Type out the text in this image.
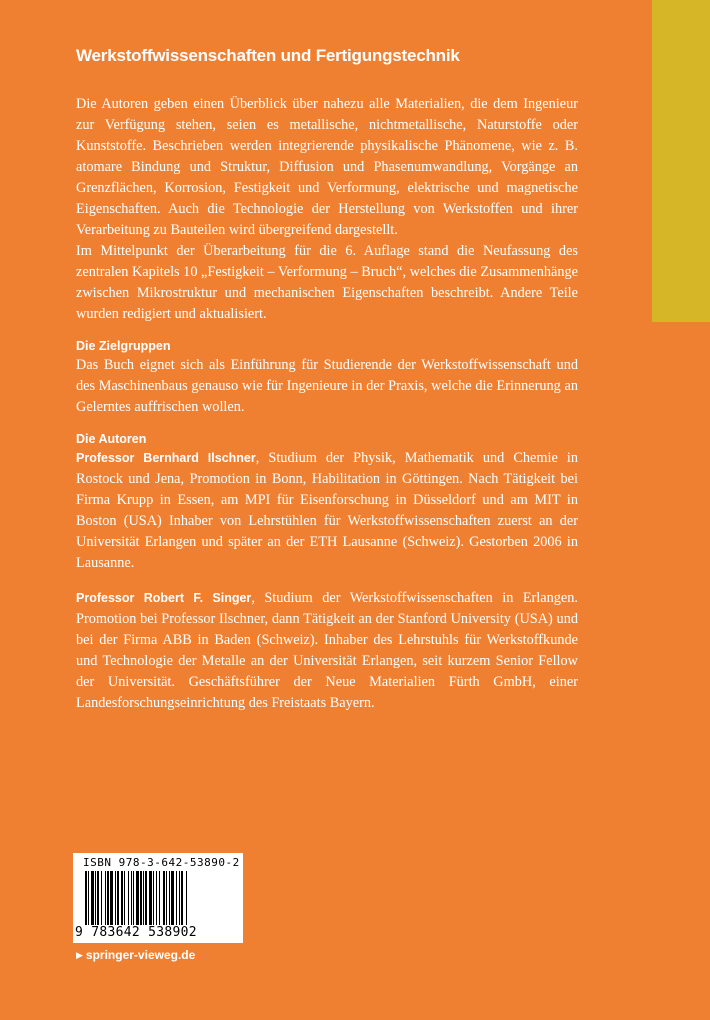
Werkstoffwissenschaften und Fertigungstechnik

Die Autoren geben einen Überblick über nahezu alle Materialien, die dem Ingenieur zur Verfügung stehen, seien es metallische, nichtmetallische, Naturstoffe oder Kunststoffe. Beschrieben werden integrierende physikalische Phänomene, wie z. B. atomare Bindung und Struktur, Diffusion und Phasenumwandlung, Vorgänge an Grenzflächen, Korrosion, Festigkeit und Verformung, elektrische und magnetische Eigenschaften. Auch die Technologie der Herstellung von Werkstoffen und ihrer Verarbeitung zu Bauteilen wird übergreifend dargestellt.

Im Mittelpunkt der Überarbeitung für die 6. Auflage stand die Neufassung des zentralen Kapitels 10 „Festigkeit – Verformung – Bruch“, welches die Zusammenhänge zwischen Mikrostruktur und mechanischen Eigenschaften beschreibt. Andere Teile wurden redigiert und aktualisiert.

Die Zielgruppen

Das Buch eignet sich als Einführung für Studierende der Werkstoffwissenschaft und des Maschinenbaus genauso wie für Ingenieure in der Praxis, welche die Erinnerung an Gelerntes auffrischen wollen.

Die Autoren

Professor Bernhard Ilschner, Studium der Physik, Mathematik und Chemie in Rostock und Jena, Promotion in Bonn, Habilitation in Göttingen. Nach Tätigkeit bei Firma Krupp in Essen, am MPI für Eisenforschung in Düsseldorf und am MIT in Boston (USA) Inhaber von Lehrstühlen für Werkstoffwissenschaften zuerst an der Universität Erlangen und später an der ETH Lausanne (Schweiz). Gestorben 2006 in Lausanne.

Professor Robert F. Singer, Studium der Werkstoffwissenschaften in Erlangen. Promotion bei Professor Ilschner, dann Tätigkeit an der Stanford University (USA) und bei der Firma ABB in Baden (Schweiz). Inhaber des Lehrstuhls für Werkstoffkunde und Technologie der Metalle an der Universität Erlangen, seit kurzem Senior Fellow der Universität. Geschäftsführer der Neue Materialien Fürth GmbH, einer Landesforschungseinrichtung des Freistaats Bayern.

ISBN 978-3-642-53890-2
9 783642 538902
▶ springer-vieweg.de
